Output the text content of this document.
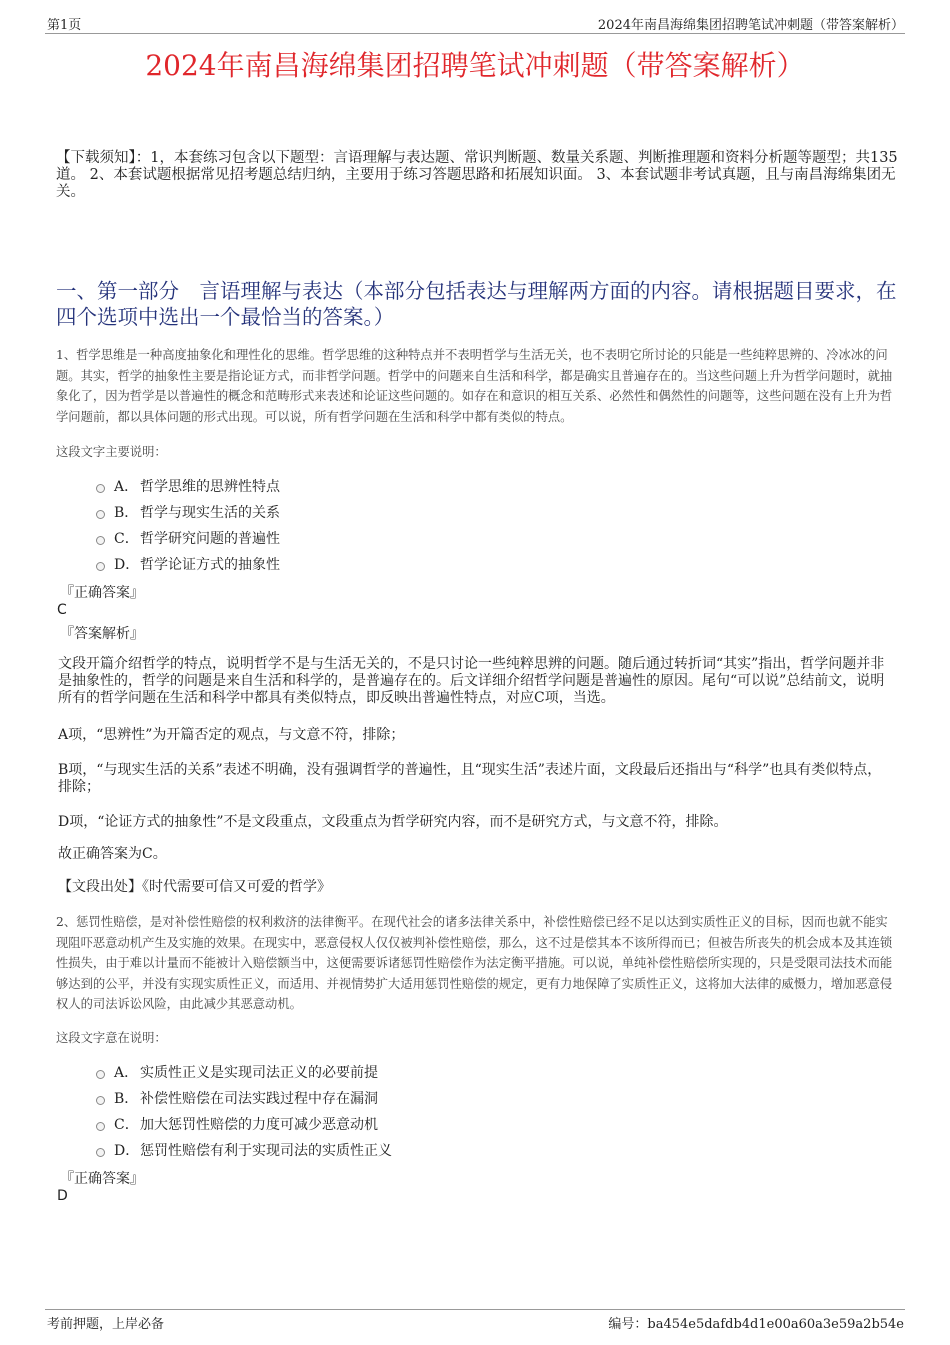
第1页	2024年南昌海绵集团招聘笔试冲刺题（带答案解析）
2024年南昌海绵集团招聘笔试冲刺题（带答案解析）
【下载须知】：1，本套练习包含以下题型：言语理解与表达题、常识判断题、数量关系题、判断推理题和资料分析题等题型；共135道。 2、本套试题根据常见招考题总结归纳，主要用于练习答题思路和拓展知识面。 3、本套试题非考试真题，且与南昌海绵集团无关。
一、第一部分　言语理解与表达（本部分包括表达与理解两方面的内容。请根据题目要求，在四个选项中选出一个最恰当的答案。）
1、哲学思维是一种高度抽象化和理性化的思维。哲学思维的这种特点并不表明哲学与生活无关，也不表明它所讨论的只能是一些纯粹思辨的、冷冰冰的问题。其实，哲学的抽象性主要是指论证方式，而非哲学问题。哲学中的问题来自生活和科学，都是确实且普遍存在的。当这些问题上升为哲学问题时，就抽象化了，因为哲学是以普遍性的概念和范畴形式来表述和论证这些问题的。如存在和意识的相互关系、必然性和偶然性的问题等，这些问题在没有上升为哲学问题前，都以具体问题的形式出现。可以说，所有哲学问题在生活和科学中都有类似的特点。
这段文字主要说明：
A． 哲学思维的思辨性特点
B． 哲学与现实生活的关系
C． 哲学研究问题的普遍性
D． 哲学论证方式的抽象性
『正确答案』
C
『答案解析』
文段开篇介绍哲学的特点，说明哲学不是与生活无关的，不是只讨论一些纯粹思辨的问题。随后通过转折词“其实”指出，哲学问题并非是抽象性的，哲学的问题是来自生活和科学的，是普遍存在的。后文详细介绍哲学问题是普遍性的原因。尾句“可以说”总结前文，说明所有的哲学问题在生活和科学中都具有类似特点，即反映出普遍性特点，对应C项，当选。
A项，“思辨性”为开篇否定的观点，与文意不符，排除；
B项，“与现实生活的关系”表述不明确，没有强调哲学的普遍性，且“现实生活”表述片面，文段最后还指出与“科学”也具有类似特点，排除；
D项，“论证方式的抽象性”不是文段重点，文段重点为哲学研究内容，而不是研究方式，与文意不符，排除。
故正确答案为C。
【文段出处】《时代需要可信又可爱的哲学》
2、惩罚性赔偿，是对补偿性赔偿的权利救济的法律衡平。在现代社会的诸多法律关系中，补偿性赔偿已经不足以达到实质性正义的目标，因而也就不能实现阻吓恶意动机产生及实施的效果。在现实中，恶意侵权人仅仅被判补偿性赔偿，那么，这不过是偿其本不该所得而已；但被告所丧失的机会成本及其连锁性损失，由于难以计量而不能被计入赔偿额当中，这便需要诉诸惩罚性赔偿作为法定衡平措施。可以说，单纯补偿性赔偿所实现的，只是受限司法技术而能够达到的公平，并没有实现实质性正义，而适用、并视情势扩大适用惩罚性赔偿的规定，更有力地保障了实质性正义，这将加大法律的威慑力，增加恶意侵权人的司法诉讼风险，由此减少其恶意动机。
这段文字意在说明：
A． 实质性正义是实现司法正义的必要前提
B． 补偿性赔偿在司法实践过程中存在漏洞
C． 加大惩罚性赔偿的力度可减少恶意动机
D． 惩罚性赔偿有利于实现司法的实质性正义
『正确答案』
D
考前押题，上岸必备	编号：ba454e5dafdb4d1e00a60a3e59a2b54e
